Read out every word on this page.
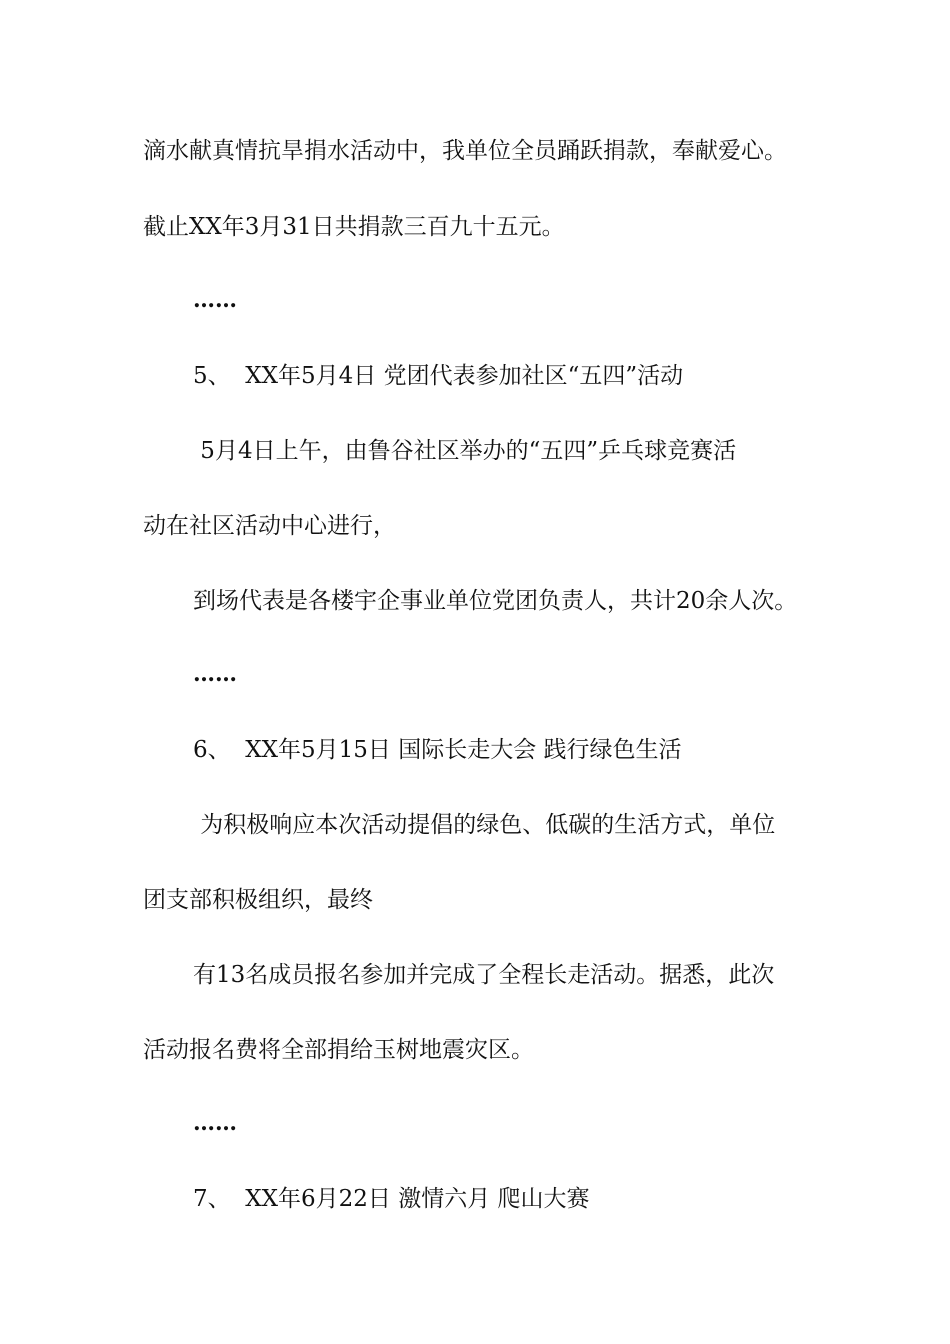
滴水献真情抗旱捐水活动中，我单位全员踊跃捐款，奉献爱心。

截止XX年3月31日共捐款三百九十五元。

……

5、  XX年5月4日 党团代表参加社区“五四”活动

5月4日上午，由鲁谷社区举办的“五四”乒乓球竞赛活

动在社区活动中心进行，

到场代表是各楼宇企事业单位党团负责人，共计20余人次。

……

6、  XX年5月15日 国际长走大会 践行绿色生活

为积极响应本次活动提倡的绿色、低碳的生活方式，单位

团支部积极组织，最终

有13名成员报名参加并完成了全程长走活动。据悉，此次

活动报名费将全部捐给玉树地震灾区。

……

7、  XX年6月22日 激情六月 爬山大赛
